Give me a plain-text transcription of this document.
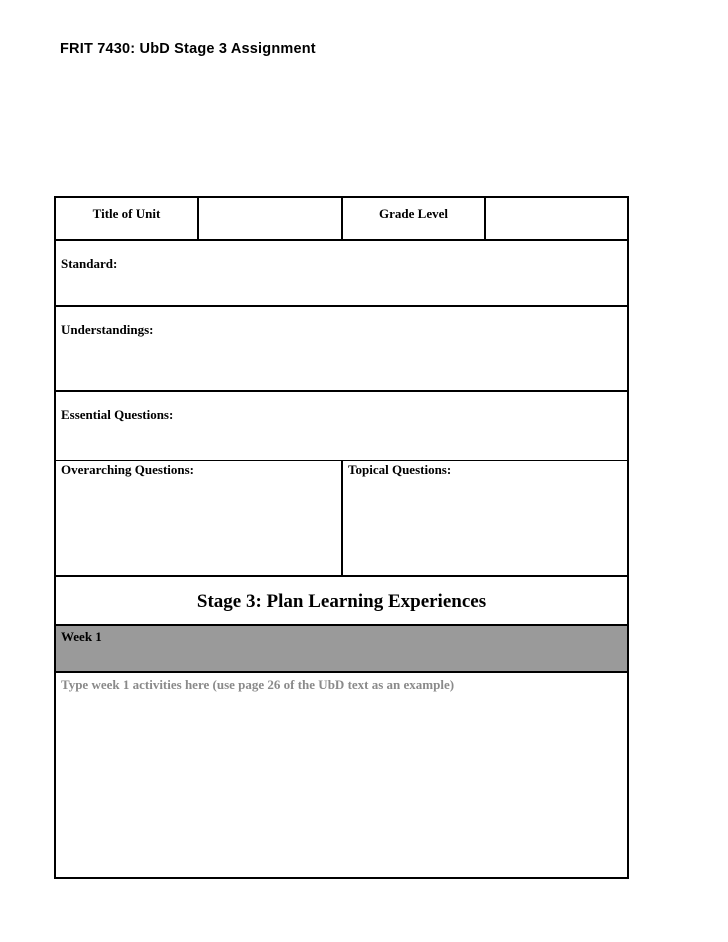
FRIT 7430: UbD Stage 3 Assignment
Title of Unit	Grade Level
Standard:
Understandings:
Essential Questions:
Overarching Questions:	Topical Questions:
Stage 3: Plan Learning Experiences
Week 1
Type week 1 activities here (use page 26 of the UbD text as an example)
